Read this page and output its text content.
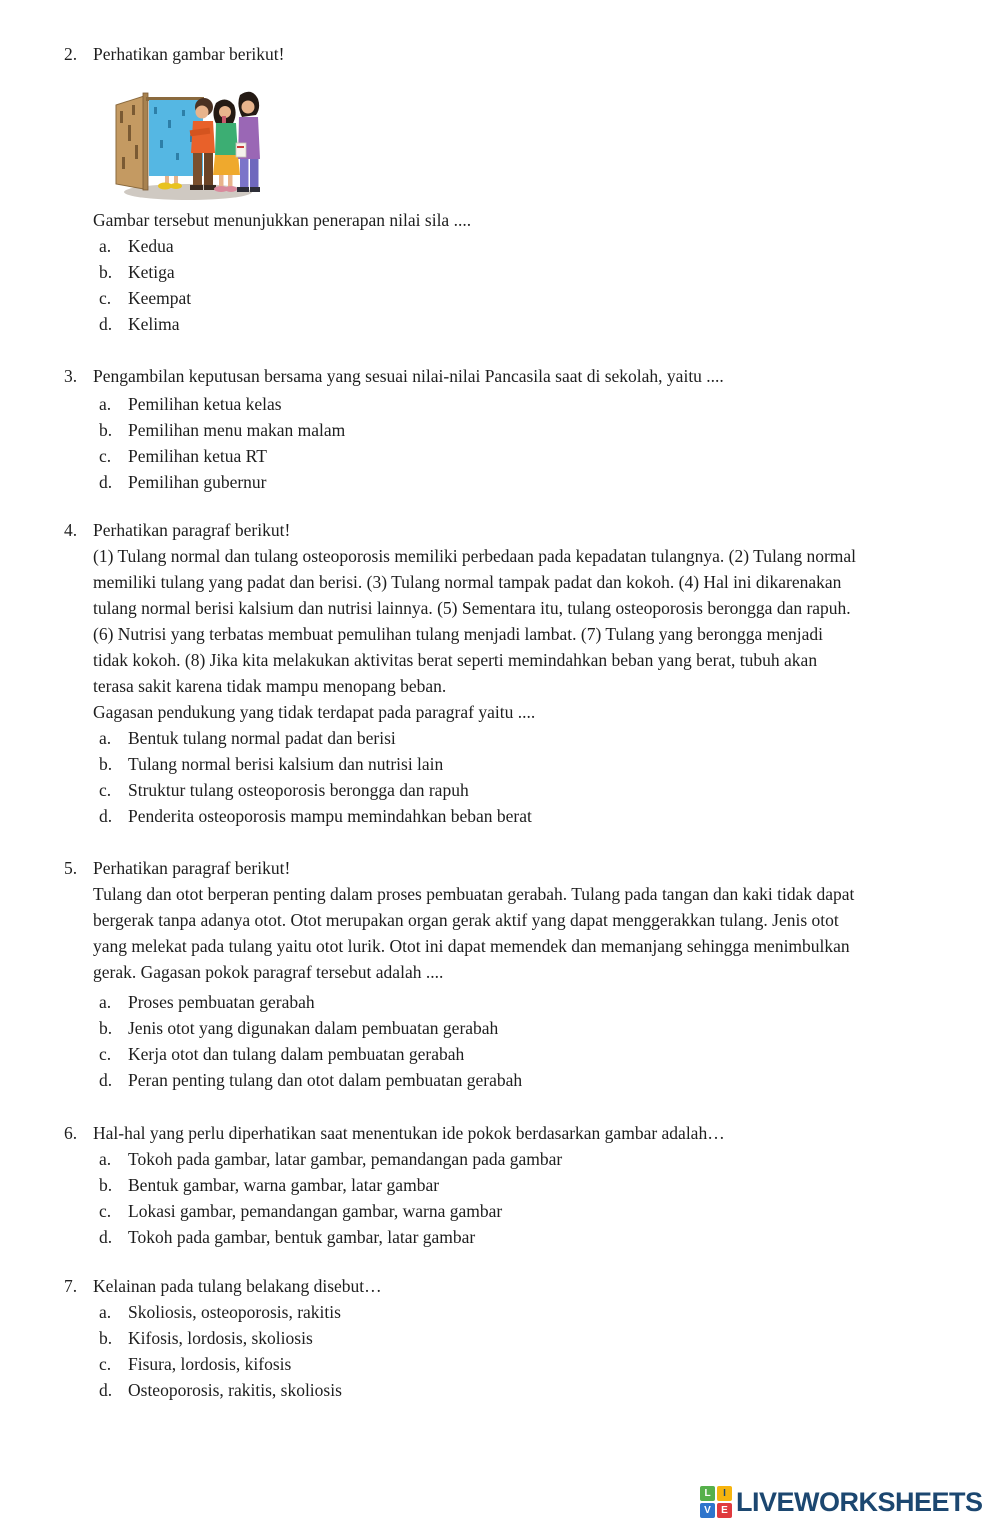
2. Perhatikan gambar berikut!
Gambar tersebut menunjukkan penerapan nilai sila ....
a. Kedua
b. Ketiga
c. Keempat
d. Kelima
3. Pengambilan keputusan bersama yang sesuai nilai-nilai Pancasila saat di sekolah, yaitu ....
a. Pemilihan ketua kelas
b. Pemilihan menu makan malam
c. Pemilihan ketua RT
d. Pemilihan gubernur
4. Perhatikan paragraf berikut!
(1) Tulang normal dan tulang osteoporosis memiliki perbedaan pada kepadatan tulangnya. (2) Tulang normal
memiliki tulang yang padat dan berisi. (3) Tulang normal tampak padat dan kokoh. (4) Hal ini dikarenakan
tulang normal berisi kalsium dan nutrisi lainnya. (5) Sementara itu, tulang osteoporosis berongga dan rapuh.
(6) Nutrisi yang terbatas membuat pemulihan tulang menjadi lambat. (7) Tulang yang berongga menjadi
tidak kokoh. (8) Jika kita melakukan aktivitas berat seperti memindahkan beban yang berat, tubuh akan
terasa sakit karena tidak mampu menopang beban.
Gagasan pendukung yang tidak terdapat pada paragraf yaitu ....
a. Bentuk tulang normal padat dan berisi
b. Tulang normal berisi kalsium dan nutrisi lain
c. Struktur tulang osteoporosis berongga dan rapuh
d. Penderita osteoporosis mampu memindahkan beban berat
5. Perhatikan paragraf berikut!
Tulang dan otot berperan penting dalam proses pembuatan gerabah. Tulang pada tangan dan kaki tidak dapat
bergerak tanpa adanya otot. Otot merupakan organ gerak aktif yang dapat menggerakkan tulang. Jenis otot
yang melekat pada tulang yaitu otot lurik. Otot ini dapat memendek dan memanjang sehingga menimbulkan
gerak. Gagasan pokok paragraf tersebut adalah ....
a. Proses pembuatan gerabah
b. Jenis otot yang digunakan dalam pembuatan gerabah
c. Kerja otot dan tulang dalam pembuatan gerabah
d. Peran penting tulang dan otot dalam pembuatan gerabah
6. Hal-hal yang perlu diperhatikan saat menentukan ide pokok berdasarkan gambar adalah…
a. Tokoh pada gambar, latar gambar, pemandangan pada gambar
b. Bentuk gambar, warna gambar, latar gambar
c. Lokasi gambar, pemandangan gambar, warna gambar
d. Tokoh pada gambar, bentuk gambar, latar gambar
7. Kelainan pada tulang belakang disebut…
a. Skoliosis, osteoporosis, rakitis
b. Kifosis, lordosis, skoliosis
c. Fisura, lordosis, kifosis
d. Osteoporosis, rakitis, skoliosis
L	I
V	E LIVEWORKSHEETS
